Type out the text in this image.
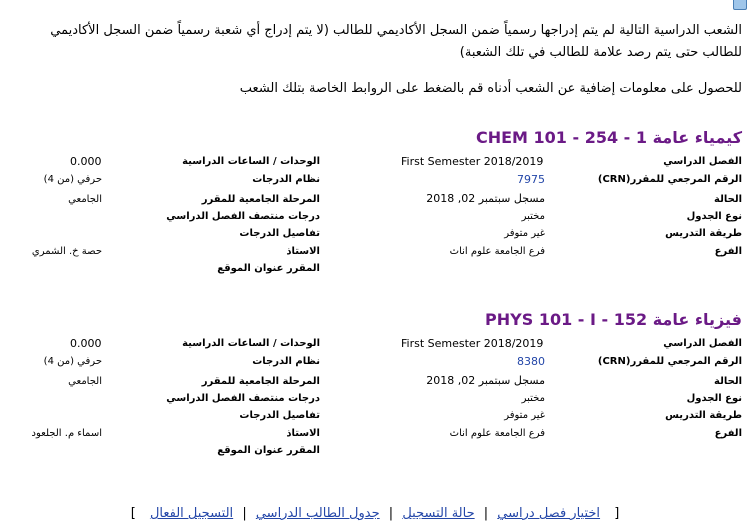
الشعب الدراسية التالية لم يتم إدراجها رسمياً ضمن السجل الأكاديمي للطالب (لا يتم إدراج أي شعبة رسمياً ضمن السجل الأكاديمي
للطالب حتى يتم رصد علامة للطالب في تلك الشعبة)
للحصول على معلومات إضافية عن الشعب أدناه قم بالضغط على الروابط الخاصة بتلك الشعب
كيمياء عامة 1 - 254 - CHEM 101
الفصل الدراسي
الرقم المرجعي للمقرر(CRN)
الحالة
نوع الجدول
طريقة التدريس
الفرع
First Semester 2018/2019
7975
مسجل سبتمبر 02, 2018
مختبر
غير متوفر
فرع الجامعة علوم اناث
الوحدات / الساعات الدراسية
نظام الدرجات
المرحلة الجامعية للمقرر
درجات منتصف الفصل الدراسي
تفاصيل الدرجات
الاستاذ
المقرر عنوان الموقع
0.000
حرفي (من 4)
الجامعي
حصة خ. الشمري
فيزياء عامة 152 - PHYS 101 - I
الفصل الدراسي
الرقم المرجعي للمقرر(CRN)
الحالة
نوع الجدول
طريقة التدريس
الفرع
First Semester 2018/2019
8380
مسجل سبتمبر 02, 2018
مختبر
غير متوفر
فرع الجامعة علوم اناث
الوحدات / الساعات الدراسية
نظام الدرجات
المرحلة الجامعية للمقرر
درجات منتصف الفصل الدراسي
تفاصيل الدرجات
الاستاذ
المقرر عنوان الموقع
0.000
حرفي (من 4)
الجامعي
اسماء م. الجلعود
[ اختيار فصل دراسي | حالة التسجيل | جدول الطالب الدراسي | التسجيل الفعال ]
